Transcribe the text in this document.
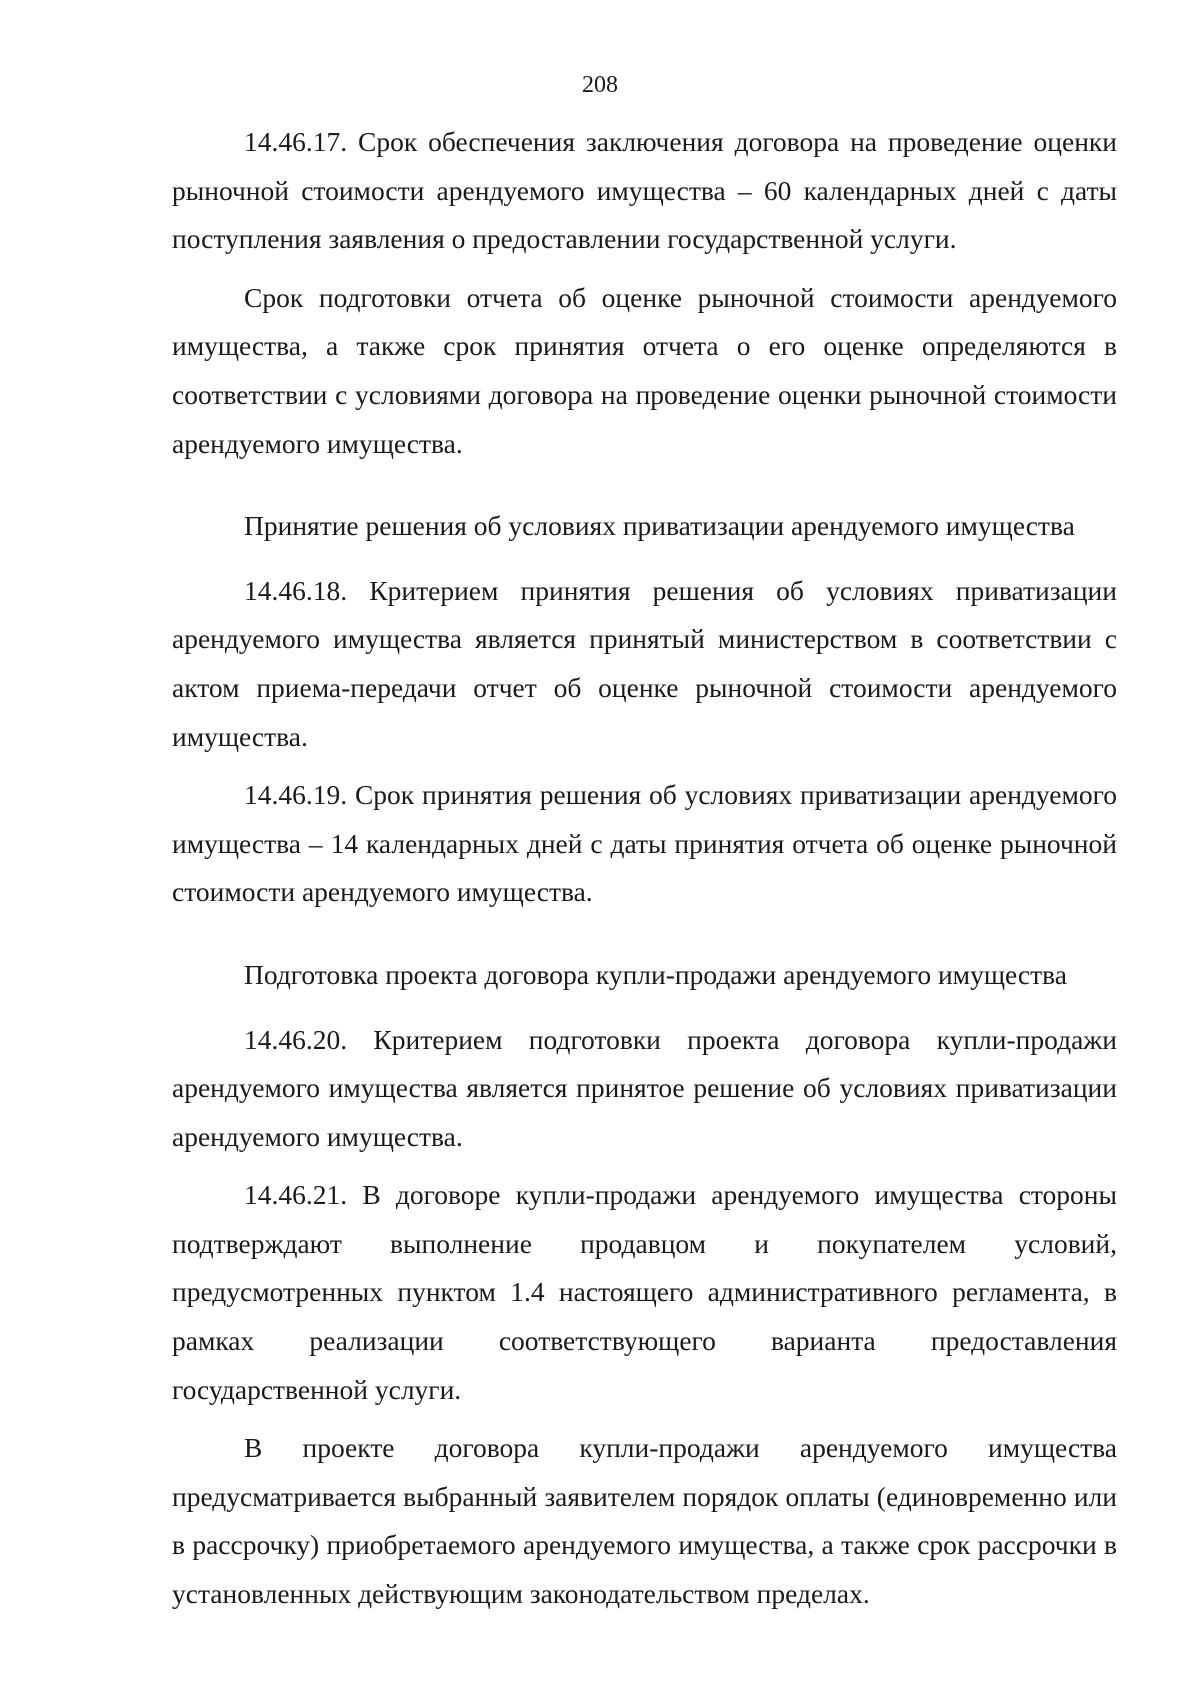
208

14.46.17. Срок обеспечения заключения договора на проведение оценки рыночной стоимости арендуемого имущества – 60 календарных дней с даты поступления заявления о предоставлении государственной услуги.

Срок подготовки отчета об оценке рыночной стоимости арендуемого имущества, а также срок принятия отчета о его оценке определяются в соответствии с условиями договора на проведение оценки рыночной стоимости арендуемого имущества.

Принятие решения об условиях приватизации арендуемого имущества

14.46.18. Критерием принятия решения об условиях приватизации арендуемого имущества является принятый министерством в соответствии с актом приема-передачи отчет об оценке рыночной стоимости арендуемого имущества.

14.46.19. Срок принятия решения об условиях приватизации арендуемого имущества – 14 календарных дней с даты принятия отчета об оценке рыночной стоимости арендуемого имущества.

Подготовка проекта договора купли-продажи арендуемого имущества

14.46.20. Критерием подготовки проекта договора купли-продажи арендуемого имущества является принятое решение об условиях приватизации арендуемого имущества.

14.46.21. В договоре купли-продажи арендуемого имущества стороны подтверждают выполнение продавцом и покупателем условий, предусмотренных пунктом 1.4 настоящего административного регламента, в рамках реализации соответствующего варианта предоставления государственной услуги.

В проекте договора купли-продажи арендуемого имущества предусматривается выбранный заявителем порядок оплаты (единовременно или в рассрочку) приобретаемого арендуемого имущества, а также срок рассрочки в установленных действующим законодательством пределах.
